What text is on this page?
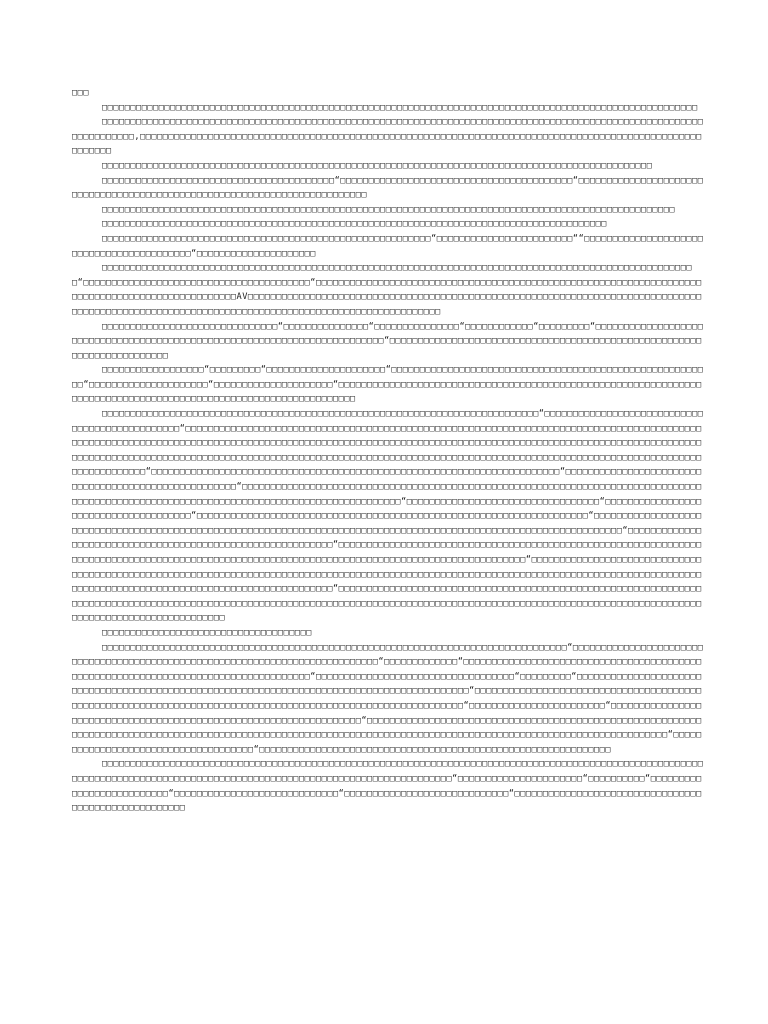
□□□

□□□□□□□□□□□□□□□□□□□□□□□□□□□□□□□□□□□□□□□□□□□□□□□□□□□□□□□□□□□□□□□□□□□□□□□□□□□□□□□□□□□□□□□□□□□□□□□□□□□□□□□□□

□□□□□□□□□□□□□□□□□□□□□□□□□□□□□□□□□□□□□□□□□□□□□□□□□□□□□□□□□□□□□□□□□□□□□□□□□□□□□□□□□□□□□□□□□□□□□□□□□□□□□□□□□□□□□□□□□□□□□,□□□□□□□□□□□□□□□□□□□□□□□□□□□□□□□□□□□□□□□□□□□□□□□□□□□□□□□□□□□□□□□□□□□□□□□□□□□□□□□□□□□□□□□□□□□□□□□□□□□□□□□□□□

□□□□□□□□□□□□□□□□□□□□□□□□□□□□□□□□□□□□□□□□□□□□□□□□□□□□□□□□□□□□□□□□□□□□□□□□□□□□□□□□□□□□□□□□□□□□□□□□□

□□□□□□□□□□□□□□□□□□□□□□□□□□□□□□□□□□□□□□□□□“□□□□□□□□□□□□□□□□□□□□□□□□□□□□□□□□□□□□□□□□□“□□□□□□□□□□□□□□□□□□□□□□□□□□□□□□□□□□□□□□□□□□□□□□□□□□□□□□□□□□□□□□□□□□□□□□□□□□

□□□□□□□□□□□□□□□□□□□□□□□□□□□□□□□□□□□□□□□□□□□□□□□□□□□□□□□□□□□□□□□□□□□□□□□□□□□□□□□□□□□□□□□□□□□□□□□□□□□□□

□□□□□□□□□□□□□□□□□□□□□□□□□□□□□□□□□□□□□□□□□□□□□□□□□□□□□□□□□□□□□□□□□□□□□□□□□□□□□□□□□□□□□□□□□

□□□□□□□□□□□□□□□□□□□□□□□□□□□□□□□□□□□□□□□□□□□□□□□□□□□□□□□□□□“□□□□□□□□□□□□□□□□□□□□□□□□““□□□□□□□□□□□□□□□□□□□□□□□□□□□□□□□□□□□□□□□□□□“□□□□□□□□□□□□□□□□□□□□□

□□□□□□□□□□□□□□□□□□□□□□□□□□□□□□□□□□□□□□□□□□□□□□□□□□□□□□□□□□□□□□□□□□□□□□□□□□□□□□□□□□□□□□□□□□□□□□□□□□□□□□□□□“□□□□□□□□□□□□□□□□□□□□□□□□□□□□□□□□□□□□□□□□“□□□□□□□□□□□□□□□□□□□□□□□□□□□□□□□□□□□□□□□□□□□□□□□□□□□□□□□□□□□□□□□□□□□□□□□□□□□□□□□□□□□□□□□□□□□□□□□□□AV□□□□□□□□□□□□□□□□□□□□□□□□□□□□□□□□□□□□□□□□□□□□□□□□□□□□□□□□□□□□□□□□□□□□□□□□□□□□□□□□□□□□□□□□□□□□□□□□□□□□□□□□□□□□□□□□□□□□□□□□□□□□□□□□□□□□□□□□□□□□□□□□□

□□□□□□□□□□□□□□□□□□□□□□□□□□□□□□□“□□□□□□□□□□□□□□□“□□□□□□□□□□□□□□□“□□□□□□□□□□□□“□□□□□□□□□“□□□□□□□□□□□□□□□□□□□□□□□□□□□□□□□□□□□□□□□□□□□□□□□□□□□□□□□□□□□□□□□□□□□□□□□□□□“□□□□□□□□□□□□□□□□□□□□□□□□□□□□□□□□□□□□□□□□□□□□□□□□□□□□□□□□□□□□□□□□□□□□□□□□

□□□□□□□□□□□□□□□□□□“□□□□□□□□□“□□□□□□□□□□□□□□□□□□□□□“□□□□□□□□□□□□□□□□□□□□□□□□□□□□□□□□□□□□□□□□□□□□□□□□□□□□□□□□□“□□□□□□□□□□□□□□□□□□□□□“□□□□□□□□□□□□□□□□□□□□□“□□□□□□□□□□□□□□□□□□□□□□□□□□□□□□□□□□□□□□□□□□□□□□□□□□□□□□□□□□□□□□□□□□□□□□□□□□□□□□□□□□□□□□□□□□□□□□□□□□□□□□□□□□□□□□□□□□

□□□□□□□□□□□□□□□□□□□□□□□□□□□□□□□□□□□□□□□□□□□□□□□□□□□□□□□□□□□□□□□□□□□□□□□□□□□□□“□□□□□□□□□□□□□□□□□□□□□□□□□□□□□□□□□□□□□□□□□□□□□□□“□□□□□□□□□□□□□□□□□□□□□□□□□□□□□□□□□□□□□□□□□□□□□□□□□□□□□□□□□□□□□□□□□□□□□□□□□□□□□□□□□□□□□□□□□□□□□□□□□□□□□□□□□□□□□□□□□□□□□□□□□□□□□□□□□□□□□□□□□□□□□□□□□□□□□□□□□□□□□□□□□□□□□□□□□□□□□□□□□□□□□□□□□□□□□□□□□□□□□□□□□□□□□□□□□□□□□□□□□□□□□□□□□□□□□□□□□□□□□□□□□□□□□□□□□□□□□□□□□□□□□□□□□□□□□□□□□□□□□□□□□□□□□□□□□□□□□□□□□□□□□□□□□□□□□□□□□□□□□□□□□□□□□□“□□□□□□□□□□□□□□□□□□□□□□□□□□□□□□□□□□□□□□□□□□□□□□□□□□□□□□□□□□□□□□□□□□□□□□□□“□□□□□□□□□□□□□□□□□□□□□□□□□□□□□□□□□□□□□□□□□□□□□□□□□□□□□“□□□□□□□□□□□□□□□□□□□□□□□□□□□□□□□□□□□□□□□□□□□□□□□□□□□□□□□□□□□□□□□□□□□□□□□□□□□□□□□□□□□□□□□□□□□□□□□□□□□□□□□□□□□□□□□□□□□□□□□□□□□□□□□□□□□□□□□□□□□“□□□□□□□□□□□□□□□□□□□□□□□□□□□□□□□□□□“□□□□□□□□□□□□□□□□□□□□□□□□□□□□□□□□□□□□□□“□□□□□□□□□□□□□□□□□□□□□□□□□□□□□□□□□□□□□□□□□□□□□□□□□□□□□□□□□□□□□□□□□□□□□“□□□□□□□□□□□□□□□□□□□□□□□□□□□□□□□□□□□□□□□□□□□□□□□□□□□□□□□□□□□□□□□□□□□□□□□□□□□□□□□□□□□□□□□□□□□□□□□□□□□□□□□□□□□□□□□□□□□□“□□□□□□□□□□□□□□□□□□□□□□□□□□□□□□□□□□□□□□□□□□□□□□□□□□□□□□□□□□□“□□□□□□□□□□□□□□□□□□□□□□□□□□□□□□□□□□□□□□□□□□□□□□□□□□□□□□□□□□□□□□□□□□□□□□□□□□□□□□□□□□□□□□□□□□□□□□□□□□□□□□□□□□□□□□□□□□□□□□□□□□□□□□□□□□□□□□□□□□□□□□□□“□□□□□□□□□□□□□□□□□□□□□□□□□□□□□□□□□□□□□□□□□□□□□□□□□□□□□□□□□□□□□□□□□□□□□□□□□□□□□□□□□□□□□□□□□□□□□□□□□□□□□□□□□□□□□□□□□□□□□□□□□□□□□□□□□□□□□□□□□□□□□□□□□□□□□□□□□□□□□□□□□□□□□□□□□□□□□□□□□□□□□□□□□□□“□□□□□□□□□□□□□□□□□□□□□□□□□□□□□□□□□□□□□□□□□□□□□□□□□□□□□□□□□□□□□□□□□□□□□□□□□□□□□□□□□□□□□□□□□□□□□□□□□□□□□□□□□□□□□□□□□□□□□□□□□□□□□□□□□□□□□□□□□□□□□□□□□□□□□□□□□□□□□□□□□□□□□□□□□□□□□□□□□□□□□□□□□□□□□□□□□□□□□□□□□□

□□□□□□□□□□□□□□□□□□□□□□□□□□□□□□□□□□□□□

□□□□□□□□□□□□□□□□□□□□□□□□□□□□□□□□□□□□□□□□□□□□□□□□□□□□□□□□□□□□□□□□□□□□□□□□□□□□□□□□□□“□□□□□□□□□□□□□□□□□□□□□□□□□□□□□□□□□□□□□□□□□□□□□□□□□□□□□□□□□□□□□□□□□□□□□□□□□□□□□“□□□□□□□□□□□□□“□□□□□□□□□□□□□□□□□□□□□□□□□□□□□□□□□□□□□□□□□□□□□□□□□□□□□□□□□□□□□□□□□□□□□□□□□□□□□□□□□□□□“□□□□□□□□□□□□□□□□□□□□□□□□□□□□□□□□□□□“□□□□□□□□□“□□□□□□□□□□□□□□□□□□□□□□□□□□□□□□□□□□□□□□□□□□□□□□□□□□□□□□□□□□□□□□□□□□□□□□□□□□□□□□□□□□□□□□□□□□□□“□□□□□□□□□□□□□□□□□□□□□□□□□□□□□□□□□□□□□□□□□□□□□□□□□□□□□□□□□□□□□□□□□□□□□□□□□□□□□□□□□□□□□□□□□□□□□□□□□□□□□□□□□□□□□“□□□□□□□□□□□□□□□□□□□□□□□□“□□□□□□□□□□□□□□□□□□□□□□□□□□□□□□□□□□□□□□□□□□□□□□□□□□□□□□□□□□□□□□□□□□□“□□□□□□□□□□□□□□□□□□□□□□□□□□□□□□□□□□□□□□□□□□□□□□□□□□□□□□□□□□□□□□□□□□□□□□□□□□□□□□□□□□□□□□□□□□□□□□□□□□□□□□□□□□□□□□□□□□□□□□□□□□□□□□□□□□□□□□□□□□□□□□□□□□□□□□□□□□□□□□□□□□□□“□□□□□□□□□□□□□□□□□□□□□□□□□□□□□□□□□□□□□“□□□□□□□□□□□□□□□□□□□□□□□□□□□□□□□□□□□□□□□□□□□□□□□□□□□□□□□□□□□□□□

□□□□□□□□□□□□□□□□□□□□□□□□□□□□□□□□□□□□□□□□□□□□□□□□□□□□□□□□□□□□□□□□□□□□□□□□□□□□□□□□□□□□□□□□□□□□□□□□□□□□□□□□□□□□□□□□□□□□□□□□□□□□□□□□□□□□□□□□□□□□□□□□□□□□□□□□□□□□□□□□□□□□□□□□□□□□□“□□□□□□□□□□□□□□□□□□□□□□“□□□□□□□□□□“□□□□□□□□□□□□□□□□□□□□□□□□□□“□□□□□□□□□□□□□□□□□□□□□□□□□□□□□“□□□□□□□□□□□□□□□□□□□□□□□□□□□□□“□□□□□□□□□□□□□□□□□□□□□□□□□□□□□□□□□□□□□□□□□□□□□□□□□□□□□
